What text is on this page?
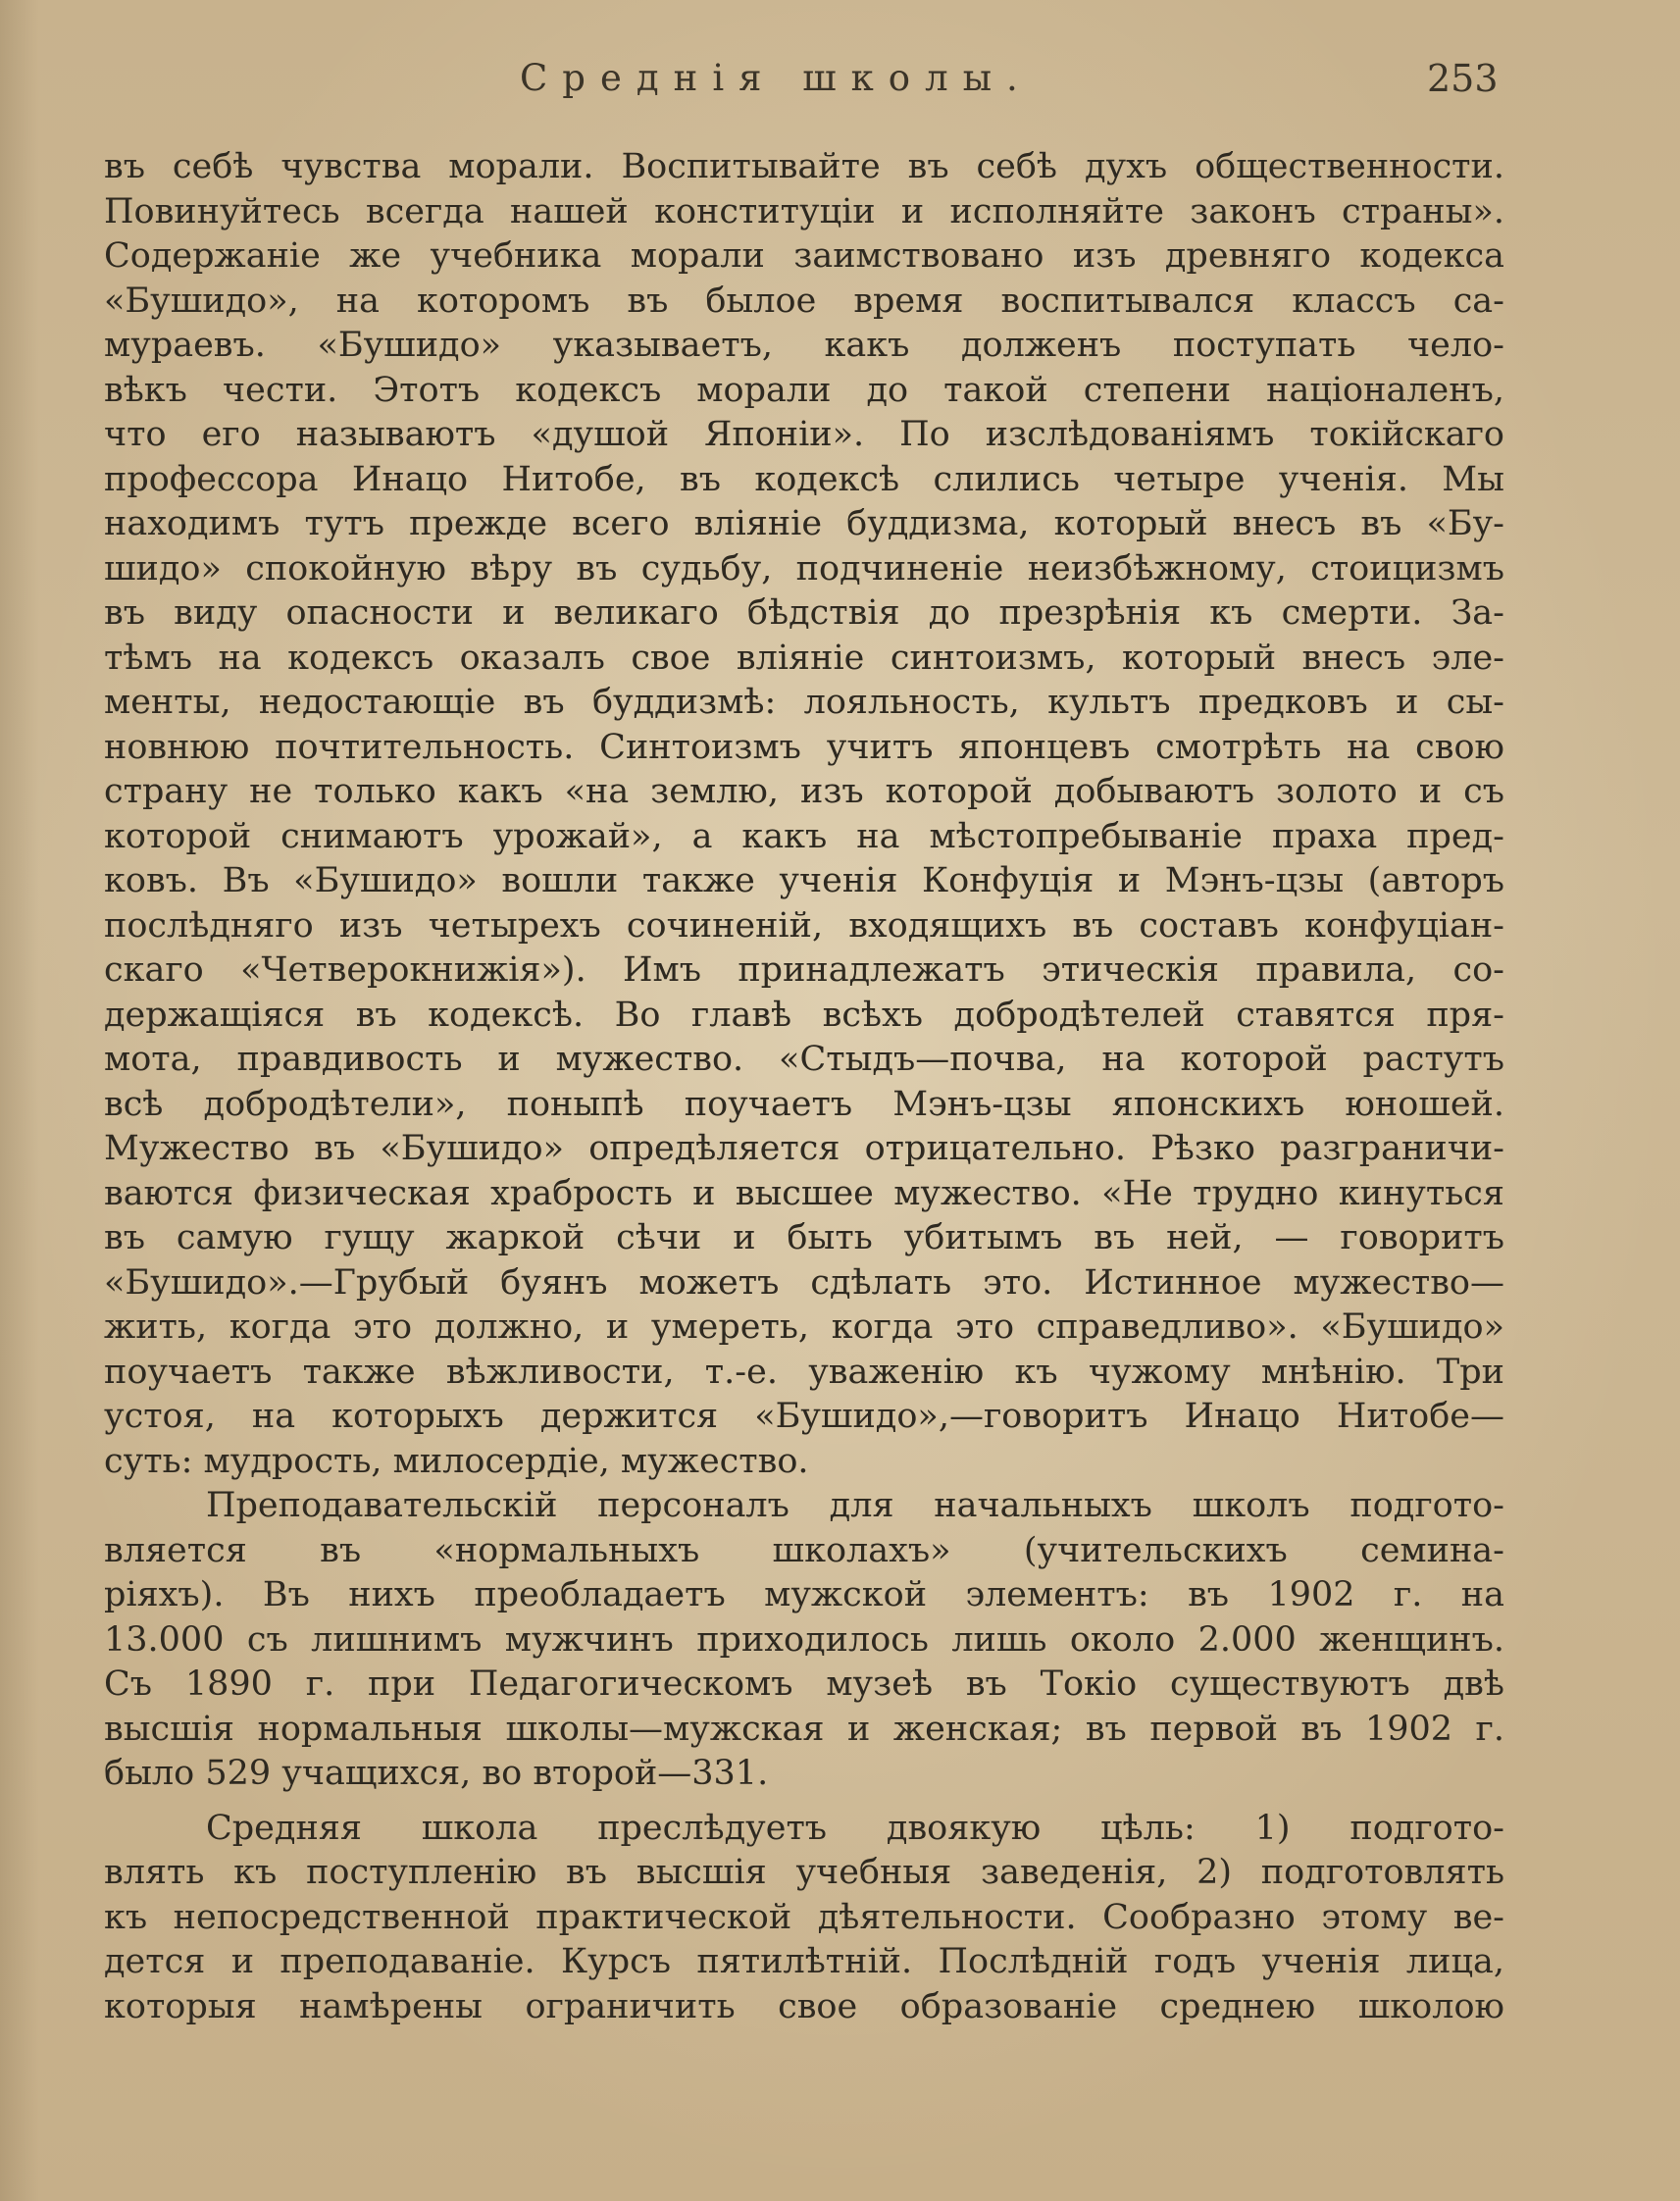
Среднія школы.	253
въ себѣ чувства морали. Воспитывайте въ себѣ духъ общественности.
Повинуйтесь всегда нашей конституціи и исполняйте законъ страны».
Содержаніе же учебника морали заимствовано изъ древняго кодекса
«Бушидо», на которомъ въ былое время воспитывался классъ са-
мураевъ. «Бушидо» указываетъ, какъ долженъ поступать чело-
вѣкъ чести. Этотъ кодексъ морали до такой степени націоналенъ,
что его называютъ «душой Японіи». По изслѣдованіямъ токійскаго
профессора Инацо Нитобе, въ кодексѣ слились четыре ученія. Мы
находимъ тутъ прежде всего вліяніе буддизма, который внесъ въ «Бу-
шидо» спокойную вѣру въ судьбу, подчиненіе неизбѣжному, стоицизмъ
въ виду опасности и великаго бѣдствія до презрѣнія къ смерти. За-
тѣмъ на кодексъ оказалъ свое вліяніе синтоизмъ, который внесъ эле-
менты, недостающіе въ буддизмѣ: лояльность, культъ предковъ и сы-
новнюю почтительность. Синтоизмъ учитъ японцевъ смотрѣть на свою
страну не только какъ «на землю, изъ которой добываютъ золото и съ
которой снимаютъ урожай», а какъ на мѣстопребываніе праха пред-
ковъ. Въ «Бушидо» вошли также ученія Конфуція и Мэнъ-цзы (авторъ
послѣдняго изъ четырехъ сочиненій, входящихъ въ составъ конфуціан-
скаго «Четверокнижія»). Имъ принадлежатъ этическія правила, со-
держащіяся въ кодексѣ. Во главѣ всѣхъ добродѣтелей ставятся пря-
мота, правдивость и мужество. «Стыдъ—почва, на которой растутъ
всѣ добродѣтели», поныпѣ поучаетъ Мэнъ-цзы японскихъ юношей.
Мужество въ «Бушидо» опредѣляется отрицательно. Рѣзко разграничи-
ваются физическая храбрость и высшее мужество. «Не трудно кинуться
въ самую гущу жаркой сѣчи и быть убитымъ въ ней, — говоритъ
«Бушидо».—Грубый буянъ можетъ сдѣлать это. Истинное мужество—
жить, когда это должно, и умереть, когда это справедливо». «Бушидо»
поучаетъ также вѣжливости, т.-е. уваженію къ чужому мнѣнію. Три
устоя, на которыхъ держится «Бушидо»,—говоритъ Инацо Нитобе—
суть: мудрость, милосердіе, мужество.
Преподавательскій персоналъ для начальныхъ школъ подгото-
вляется въ «нормальныхъ школахъ» (учительскихъ семина-
ріяхъ). Въ нихъ преобладаетъ мужской элементъ: въ 1902 г. на
13.000 съ лишнимъ мужчинъ приходилось лишь около 2.000 женщинъ.
Съ 1890 г. при Педагогическомъ музеѣ въ Токіо существуютъ двѣ
высшія нормальныя школы—мужская и женская; въ первой въ 1902 г.
было 529 учащихся, во второй—331.
Средняя школа преслѣдуетъ двоякую цѣль: 1) подгото-
влять къ поступленію въ высшія учебныя заведенія, 2) подготовлять
къ непосредственной практической дѣятельности. Сообразно этому ве-
дется и преподаваніе. Курсъ пятилѣтній. Послѣдній годъ ученія лица,
которыя намѣрены ограничить свое образованіе среднею школою
